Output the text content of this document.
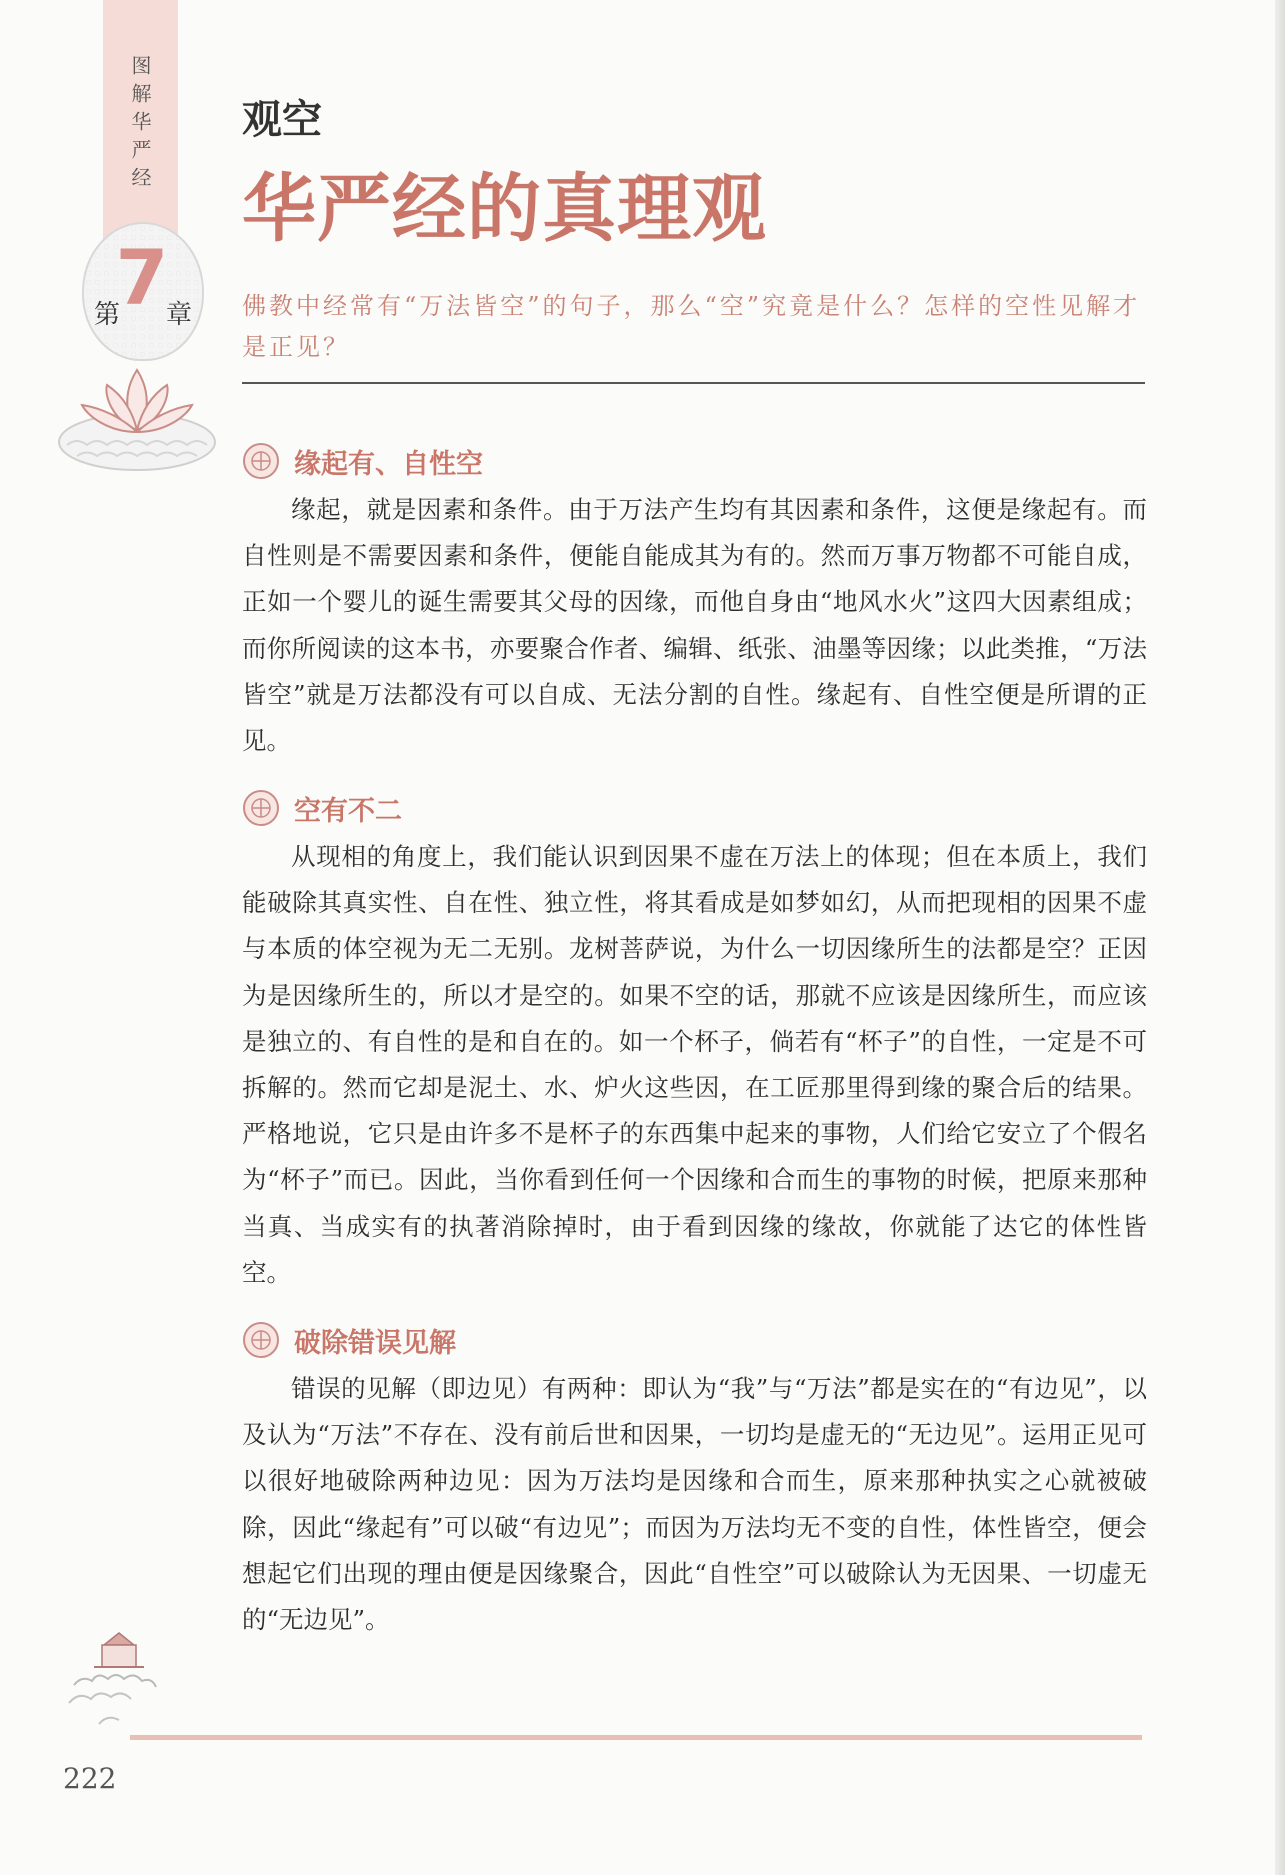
图解华严经
7
第 章
观空
华严经的真理观
佛教中经常有“万法皆空”的句子，那么“空”究竟是什么？怎样的空性见解才是正见？
缘起有、自性空

缘起，就是因素和条件。由于万法产生均有其因素和条件，这便是缘起有。而自性则是不需要因素和条件，便能自能成其为有的。然而万事万物都不可能自成，正如一个婴儿的诞生需要其父母的因缘，而他自身由“地风水火”这四大因素组成；而你所阅读的这本书，亦要聚合作者、编辑、纸张、油墨等因缘；以此类推，“万法皆空”就是万法都没有可以自成、无法分割的自性。缘起有、自性空便是所谓的正见。

空有不二

从现相的角度上，我们能认识到因果不虚在万法上的体现；但在本质上，我们能破除其真实性、自在性、独立性，将其看成是如梦如幻，从而把现相的因果不虚与本质的体空视为无二无别。龙树菩萨说，为什么一切因缘所生的法都是空？正因为是因缘所生的，所以才是空的。如果不空的话，那就不应该是因缘所生，而应该是独立的、有自性的是和自在的。如一个杯子，倘若有“杯子”的自性，一定是不可拆解的。然而它却是泥土、水、炉火这些因，在工匠那里得到缘的聚合后的结果。严格地说，它只是由许多不是杯子的东西集中起来的事物，人们给它安立了个假名为“杯子”而已。因此，当你看到任何一个因缘和合而生的事物的时候，把原来那种当真、当成实有的执著消除掉时，由于看到因缘的缘故，你就能了达它的体性皆空。

破除错误见解

错误的见解（即边见）有两种：即认为“我”与“万法”都是实在的“有边见”，以及认为“万法”不存在、没有前后世和因果，一切均是虚无的“无边见”。运用正见可以很好地破除两种边见：因为万法均是因缘和合而生，原来那种执实之心就被破除，因此“缘起有”可以破“有边见”；而因为万法均无不变的自性，体性皆空，便会想起它们出现的理由便是因缘聚合，因此“自性空”可以破除认为无因果、一切虚无的“无边见”。

222
